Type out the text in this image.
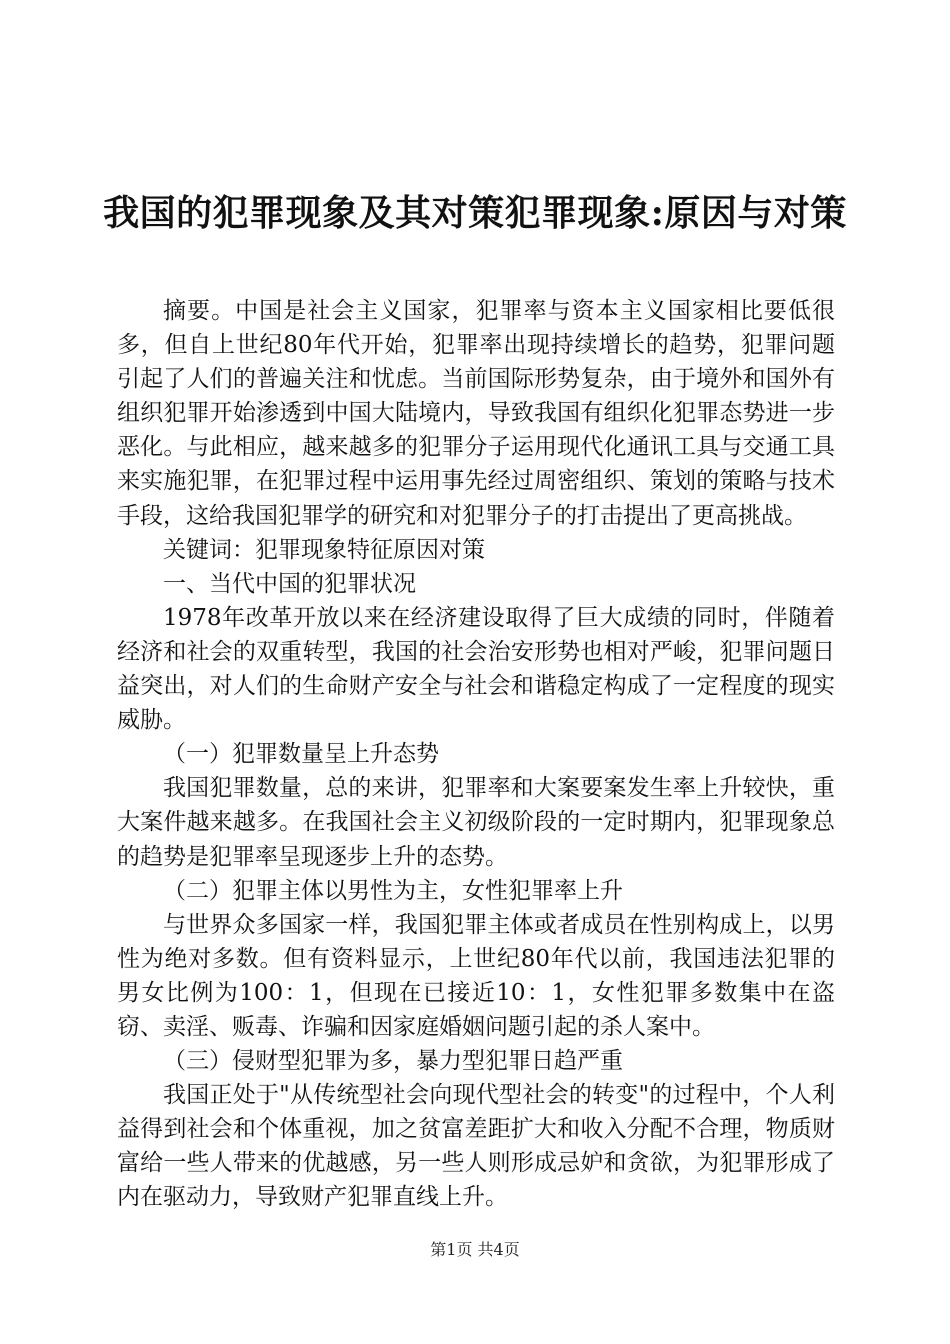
我国的犯罪现象及其对策犯罪现象:原因与对策

摘要。中国是社会主义国家，犯罪率与资本主义国家相比要低很多，但自上世纪80年代开始，犯罪率出现持续增长的趋势，犯罪问题引起了人们的普遍关注和忧虑。当前国际形势复杂，由于境外和国外有组织犯罪开始渗透到中国大陆境内，导致我国有组织化犯罪态势进一步恶化。与此相应，越来越多的犯罪分子运用现代化通讯工具与交通工具来实施犯罪，在犯罪过程中运用事先经过周密组织、策划的策略与技术手段，这给我国犯罪学的研究和对犯罪分子的打击提出了更高挑战。

关键词：犯罪现象特征原因对策

一、当代中国的犯罪状况

1978年改革开放以来在经济建设取得了巨大成绩的同时，伴随着经济和社会的双重转型，我国的社会治安形势也相对严峻，犯罪问题日益突出，对人们的生命财产安全与社会和谐稳定构成了一定程度的现实威胁。

（一）犯罪数量呈上升态势

我国犯罪数量，总的来讲，犯罪率和大案要案发生率上升较快，重大案件越来越多。在我国社会主义初级阶段的一定时期内，犯罪现象总的趋势是犯罪率呈现逐步上升的态势。

（二）犯罪主体以男性为主，女性犯罪率上升

与世界众多国家一样，我国犯罪主体或者成员在性别构成上，以男性为绝对多数。但有资料显示，上世纪80年代以前，我国违法犯罪的男女比例为100：1，但现在已接近10：1，女性犯罪多数集中在盗窃、卖淫、贩毒、诈骗和因家庭婚姻问题引起的杀人案中。

（三）侵财型犯罪为多，暴力型犯罪日趋严重

我国正处于"从传统型社会向现代型社会的转变"的过程中，个人利益得到社会和个体重视，加之贫富差距扩大和收入分配不合理，物质财富给一些人带来的优越感，另一些人则形成忌妒和贪欲，为犯罪形成了内在驱动力，导致财产犯罪直线上升。

第1页 共4页
